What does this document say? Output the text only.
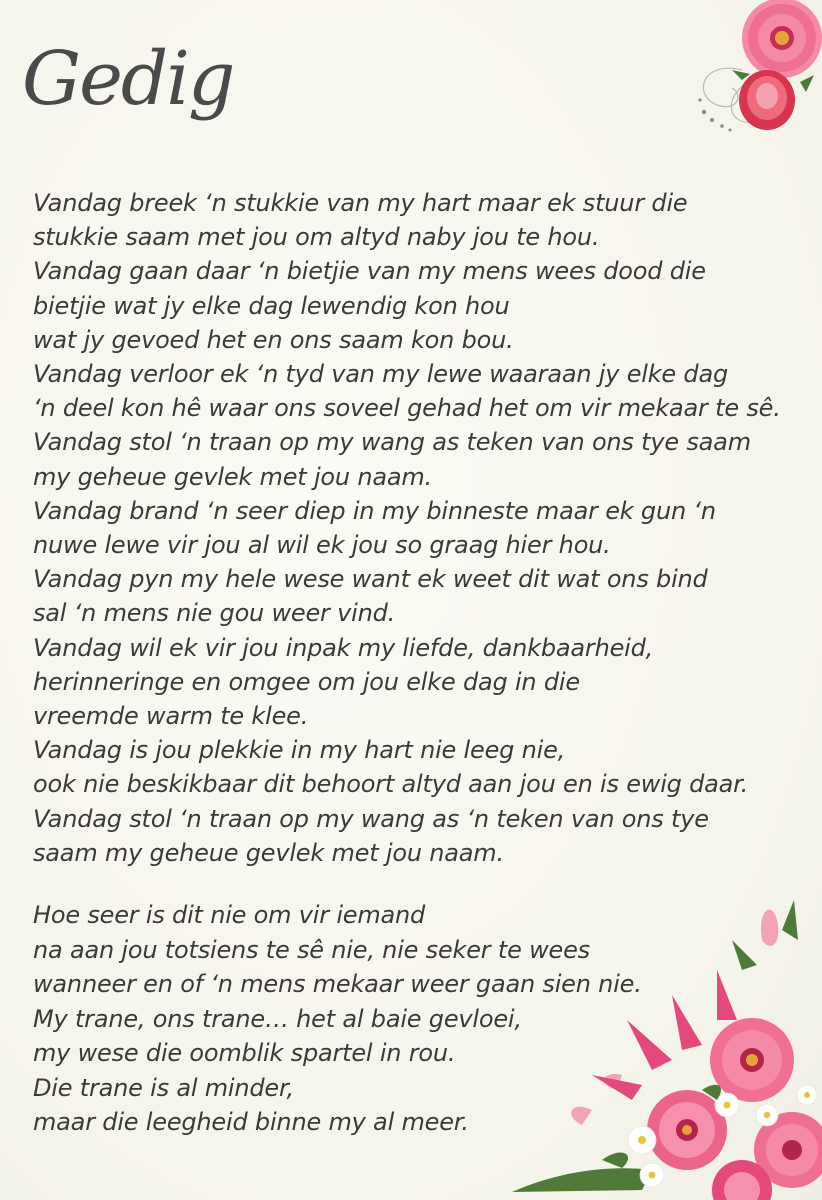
Gedig
Vandag breek ‘n stukkie van my hart maar ek stuur die
stukkie saam met jou om altyd naby jou te hou.
Vandag gaan daar ‘n bietjie van my mens wees dood die
bietjie wat jy elke dag lewendig kon hou
wat jy gevoed het en ons saam kon bou.
Vandag verloor ek ‘n tyd van my lewe waaraan jy elke dag
‘n deel kon hê waar ons soveel gehad het om vir mekaar te sê.
Vandag stol ‘n traan op my wang as teken van ons tye saam
my geheue gevlek met jou naam.
Vandag brand ‘n seer diep in my binneste maar ek gun ‘n
nuwe lewe vir jou al wil ek jou so graag hier hou.
Vandag pyn my hele wese want ek weet dit wat ons bind
sal ‘n mens nie gou weer vind.
Vandag wil ek vir jou inpak my liefde, dankbaarheid,
herinneringe en omgee om jou elke dag in die
vreemde warm te klee.
Vandag is jou plekkie in my hart nie leeg nie,
ook nie beskikbaar dit behoort altyd aan jou en is ewig daar.
Vandag stol ‘n traan op my wang as ‘n teken van ons tye
saam my geheue gevlek met jou naam.
Hoe seer is dit nie om vir iemand
na aan jou totsiens te sê nie, nie seker te wees
wanneer en of ‘n mens mekaar weer gaan sien nie.
My trane, ons trane… het al baie gevloei,
my wese die oomblik spartel in rou.
Die trane is al minder,
maar die leegheid binne my al meer.
